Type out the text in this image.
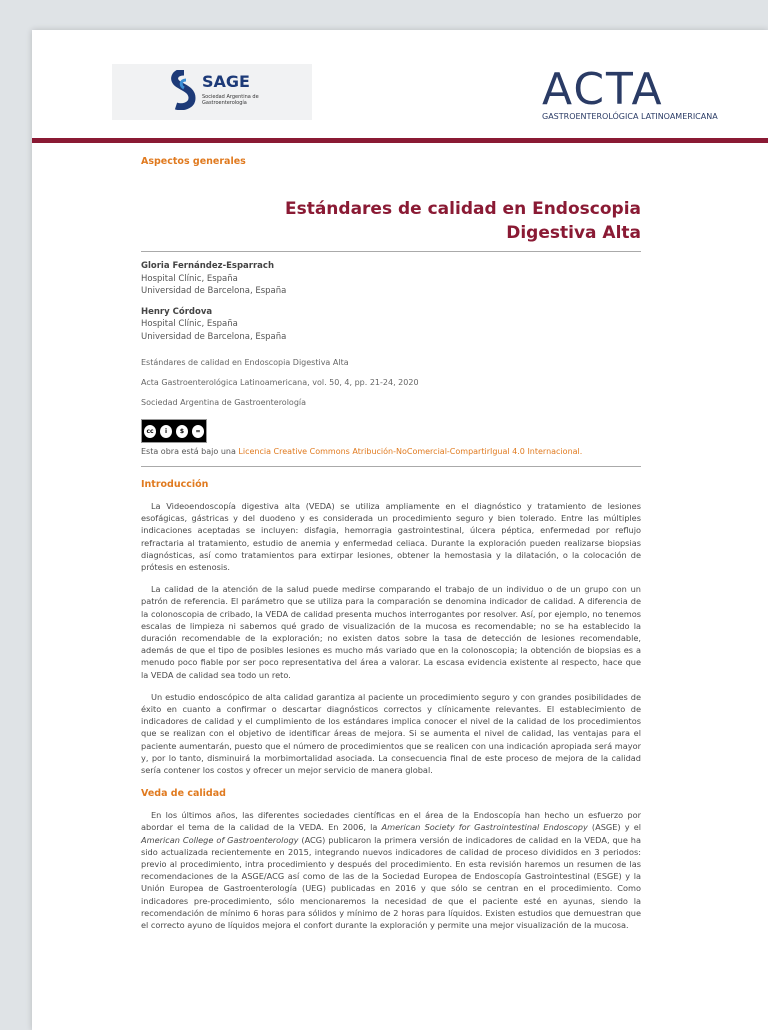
SAGE
Sociedad Argentina de Gastroenterología	ACTA
GASTROENTEROLÓGICA LATINOAMERICANA
Aspectos generales
Estándares de calidad en Endoscopia
Digestiva Alta
Gloria Fernández-Esparrach
Hospital Clínic, España
Universidad de Barcelona, España
Henry Córdova
Hospital Clínic, España
Universidad de Barcelona, España

Estándares de calidad en Endoscopia Digestiva Alta

Acta Gastroenterológica Latinoamericana, vol. 50, 4, pp. 21-24, 2020

Sociedad Argentina de Gastroenterología

cc	i	$	=
Esta obra está bajo una Licencia Creative Commons Atribución-NoComercial-CompartirIgual 4.0 Internacional.
Introducción

La Videoendoscopía digestiva alta (VEDA) se utiliza ampliamente en el diagnóstico y tratamiento de lesiones esofágicas, gástricas y del duodeno y es considerada un procedimiento seguro y bien tolerado. Entre las múltiples indicaciones aceptadas se incluyen: disfagia, hemorragia gastrointestinal, úlcera péptica, enfermedad por reflujo refractaria al tratamiento, estudio de anemia y enfermedad celiaca. Durante la exploración pueden realizarse biopsias diagnósticas, así como tratamientos para extirpar lesiones, obtener la hemostasia y la dilatación, o la colocación de prótesis en estenosis.

La calidad de la atención de la salud puede medirse comparando el trabajo de un individuo o de un grupo con un patrón de referencia. El parámetro que se utiliza para la comparación se denomina indicador de calidad. A diferencia de la colonoscopia de cribado, la VEDA de calidad presenta muchos interrogantes por resolver. Así, por ejemplo, no tenemos escalas de limpieza ni sabemos qué grado de visualización de la mucosa es recomendable; no se ha establecido la duración recomendable de la exploración; no existen datos sobre la tasa de detección de lesiones recomendable, además de que el tipo de posibles lesiones es mucho más variado que en la colonoscopia; la obtención de biopsias es a menudo poco fiable por ser poco representativa del área a valorar. La escasa evidencia existente al respecto, hace que la VEDA de calidad sea todo un reto.

Un estudio endoscópico de alta calidad garantiza al paciente un procedimiento seguro y con grandes posibilidades de éxito en cuanto a confirmar o descartar diagnósticos correctos y clínicamente relevantes. El establecimiento de indicadores de calidad y el cumplimiento de los estándares implica conocer el nivel de la calidad de los procedimientos que se realizan con el objetivo de identificar áreas de mejora. Si se aumenta el nivel de calidad, las ventajas para el paciente aumentarán, puesto que el número de procedimientos que se realicen con una indicación apropiada será mayor y, por lo tanto, disminuirá la morbimortalidad asociada. La consecuencia final de este proceso de mejora de la calidad sería contener los costos y ofrecer un mejor servicio de manera global.

Veda de calidad

En los últimos años, las diferentes sociedades científicas en el área de la Endoscopía han hecho un esfuerzo por abordar el tema de la calidad de la VEDA. En 2006, la American Society for Gastrointestinal Endoscopy (ASGE) y el American College of Gastroenterology (ACG) publicaron la primera versión de indicadores de calidad en la VEDA, que ha sido actualizada recientemente en 2015, integrando nuevos indicadores de calidad de proceso divididos en 3 periodos: previo al procedimiento, intra procedimiento y después del procedimiento. En esta revisión haremos un resumen de las recomendaciones de la ASGE/ACG así como de las de la Sociedad Europea de Endoscopía Gastrointestinal (ESGE) y la Unión Europea de Gastroenterología (UEG) publicadas en 2016 y que sólo se centran en el procedimiento. Como indicadores pre-procedimiento, sólo mencionaremos la necesidad de que el paciente esté en ayunas, siendo la recomendación de mínimo 6 horas para sólidos y mínimo de 2 horas para líquidos. Existen estudios que demuestran que el correcto ayuno de líquidos mejora el confort durante la exploración y permite una mejor visualización de la mucosa.
